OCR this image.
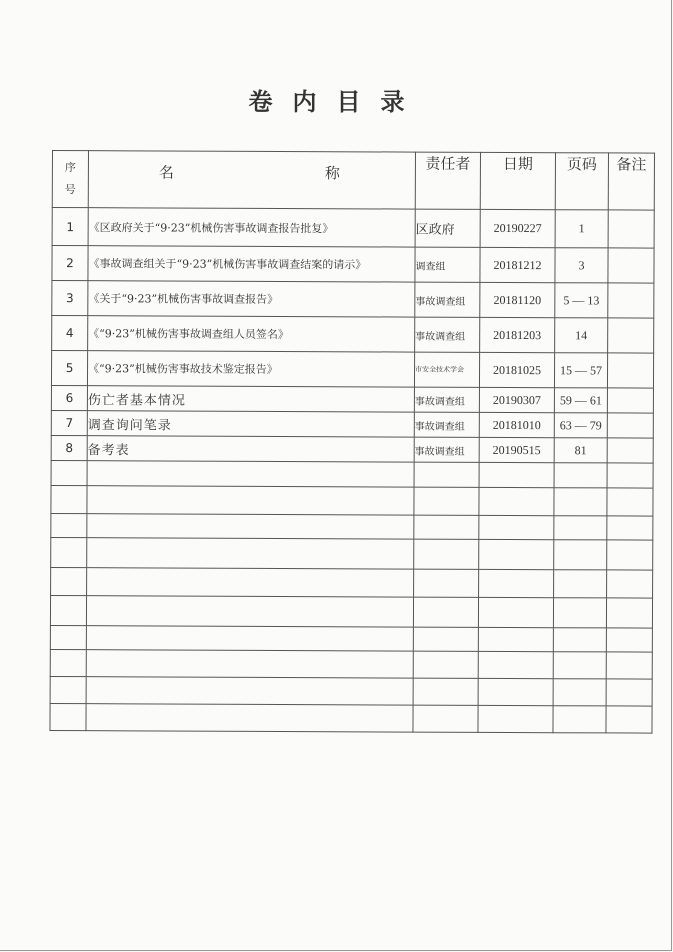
卷内目录
序
号	名 称	责任者	日期	页码	备注
1	《区政府关于“9·23”机械伤害事故调查报告批复》	区政府	20190227	1	
2	《事故调查组关于“9·23”机械伤害事故调查结案的请示》	调查组	20181212	3	
3	《关于“9·23”机械伤害事故调查报告》	事故调查组	20181120	5 — 13	
4	《“9·23”机械伤害事故调查组人员签名》	事故调查组	20181203	14	
5	《“9·23”机械伤害事故技术鉴定报告》	市安全技术学会	20181025	15 — 57	
6	伤亡者基本情况	事故调查组	20190307	59 — 61	
7	调查询问笔录	事故调查组	20181010	63 — 79	
8	备考表	事故调查组	20190515	81	
